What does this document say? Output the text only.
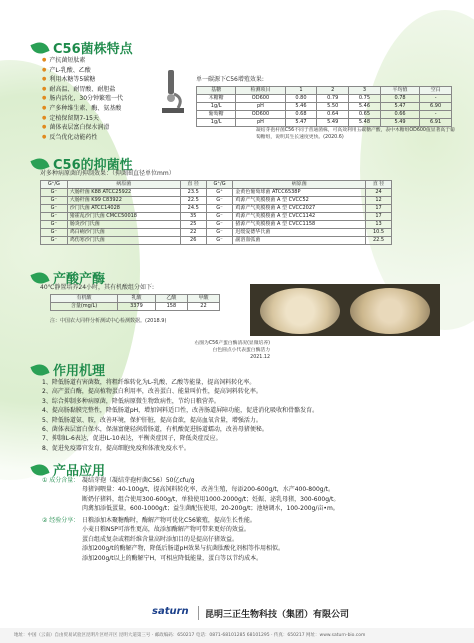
C56菌株特点
● 产抗菌短肽素
● 产L-乳酸、乙酸
● 利用木糖等5碳糖
● 耐高温、耐胃酸、耐胆盐
● 肠内活化，30分钟繁殖一代
● 产多种维生素、酶、氨基酸
● 定植保留期7-15天
● 菌体表层富白保水润滑
● 反刍优化动能药性
单一碳源下C56增殖效果:
基糖	检测项目	1	2	3	平均值	空白
木糖糖	OD600	0.80	0.79	0.75	0.78	-
1g/L	pH	5.46	5.50	5.46	5.47	6.90
葡萄糖	OD600	0.68	0.64	0.65	0.66	-
1g/L	pH	5.47	5.49	5.48	5.49	6.91
凝结芽孢杆菌C56不同于普通菌株，可高效利用五碳糖产酸，表中木糖组OD600值显著高于葡萄糖组，说明其生长速度更快。(2020.6)
C56的抑菌性
对多种病原菌的抑制效果：（抑菌圈直径单位mm）
G⁺/G	病原菌	直 径	G⁺/G	病原菌	直 径
G⁻	大肠杆菌 K88 ATCC25922	23.5	G⁺	金黄色葡萄球菌 ATCC6538P	24
G⁻	大肠杆菌 K99 C83922	22.5	G⁻	鸡源产气荚膜梭菌 A 型 CVCC52	12
G⁻	沙门氏菌 ATCC14028	24.5	G⁻	鸡源产气荚膜梭菌 A 型 CVCC2027	17
G⁻	猪霍乱沙门氏菌 CMCC50018	35	G⁻	鸡源产气荚膜梭菌 A 型 CVCC1142	17
G⁻	肠炎沙门氏菌	25	G⁻	猪源产气荚膜梭菌 A 型 CVCC1158	13
G⁻	鸡白痢沙门氏菌	22	G⁻	迟缓爱德华氏菌	10.5
G⁻	鸡伤寒沙门氏菌	26	G⁻	副溶血弧菌	22.5
产酸产酶
40℃静置培养24小时，其有机酸组分如下:
有机酸	乳酸	乙酸	甲酸
含量(mg/L)	3379	158	22
注：中国农大同样分析测试中心检测数据。(2018.9)
右图为C56产蛋白酶清况(显微培养)
白色圆点小代表蛋白酶活力
2021.12
作用机理
1、降低肠道有害菌数，将粗纤维转化为L-乳酸、乙酸等能量，提高饲料转化率。
2、高产蛋白酶，提高植物蛋白利用率，改善蛋白、能量叫价性，提高饲料转化率。
3、综合抑制多种病原菌，降低病原微生物致病性，节约日粮营养。
4、提高肠黏膜完整性，降低肠道pH，增加饲料适口性，改善肠道屏障功能，促进消化吸收和骨骼发育。
5、降低肠道氨、胺，改善环境，保护肝脏，提高食欲，提高血氧含量，增强活力。
6、菌体表层富白保水，保湿富健轻润滑肠道，有机酸促进肠道蠕动，改善母猪便秘。
7、抑制IL-6表达，促进IL-10表达，平衡炎症因子，降低炎症反应。
8、促进免疫器官发育，提高细胞免疫和体液免疫水平。
产品应用
① 成分含量： 凝结芽孢（凝结芽孢杆菌C56）50亿cfu/g
母猪饲喂量：40-100g/t，提高饲料转化率，改善生殖，每添200-600g/t，水产400-800g/t。
断奶仔猪料，组合使用300-600g/t，单独使用1000-2000g/t；妊娠、泌乳母猪，300-600g/t。
肉禽加添低蛋量，600-1000g/t；益生菌配伍使用，20-200g/t；池塘调水，100-200g/亩•m。
② 经验分享： 日粮添加木聚糖酶时，酶解产物可优化C56繁殖，提高生长性能。
小麦日粮NSP可溶性更高，故添加酶解产物可带来更好的效益。
蛋白组成复杂或粗纤维含量高时添加目的是提高仔猪效益。
添加200g/t的酶解产物，降低后肠道pH效果与抗菌肽酸化剂相等作用相似。
添加200g/t以上的酶解宁H，可相应降低能量，蛋白等以节约成本。
saturn 昆明三正生物科技（集团）有限公司
地址：中国（云南）自由贸易试验区昆明片区经开区 昆明大道第三号 · 邮政编码：650217 电话：0871-68101285 68101295 · 传真：650217 网址：www.saturn-bio.com
